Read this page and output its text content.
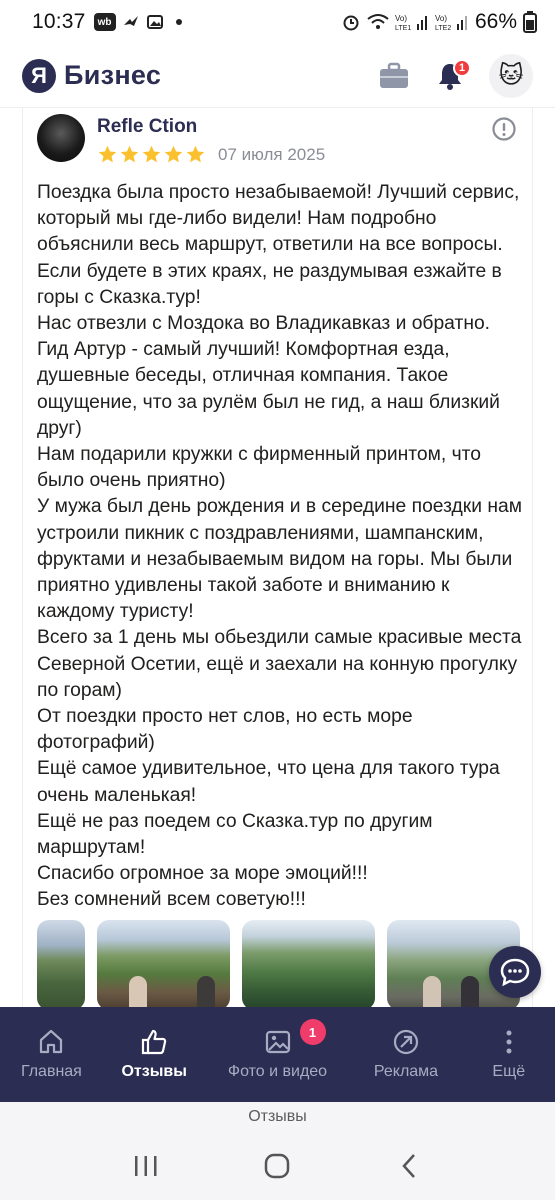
10:37	wb	Vo)
LTE1
Vo)
LTE2 66%
Я Бизнес	1 🐱
Refle Ction
07 июля 2025

Поездка была просто незабываемой! Лучший сервис, который мы где-либо видели! Нам подробно объяснили весь маршрут, ответили на все вопросы. Если будете в этих краях, не раздумывая езжайте в горы с Сказка.тур!

Нас отвезли с Моздока во Владикавказ и обратно. Гид Артур - самый лучший! Комфортная езда, душевные беседы, отличная компания. Такое ощущение, что за рулём был не гид, а наш близкий друг)

Нам подарили кружки с фирменный принтом, что было очень приятно)

У мужа был день рождения и в середине поездки нам устроили пикник с поздравлениями, шампанским, фруктами и незабываемым видом на горы. Мы были приятно удивлены такой заботе и вниманию к каждому туристу!

Всего за 1 день мы обьездили самые красивые места Северной Осетии, ещё и заехали на конную прогулку по горам)

От поездки просто нет слов, но есть море фотографий)

Ещё самое удивительное, что цена для такого тура очень маленькая!

Ещё не раз поедем со Сказка.тур по другим маршрутам!

Спасибо огромное за море эмоций!!!

Без сомнений всем советую!!!

Главная Отзывы
1
Фото и видео	Реклама	Ещё
Отзывы
